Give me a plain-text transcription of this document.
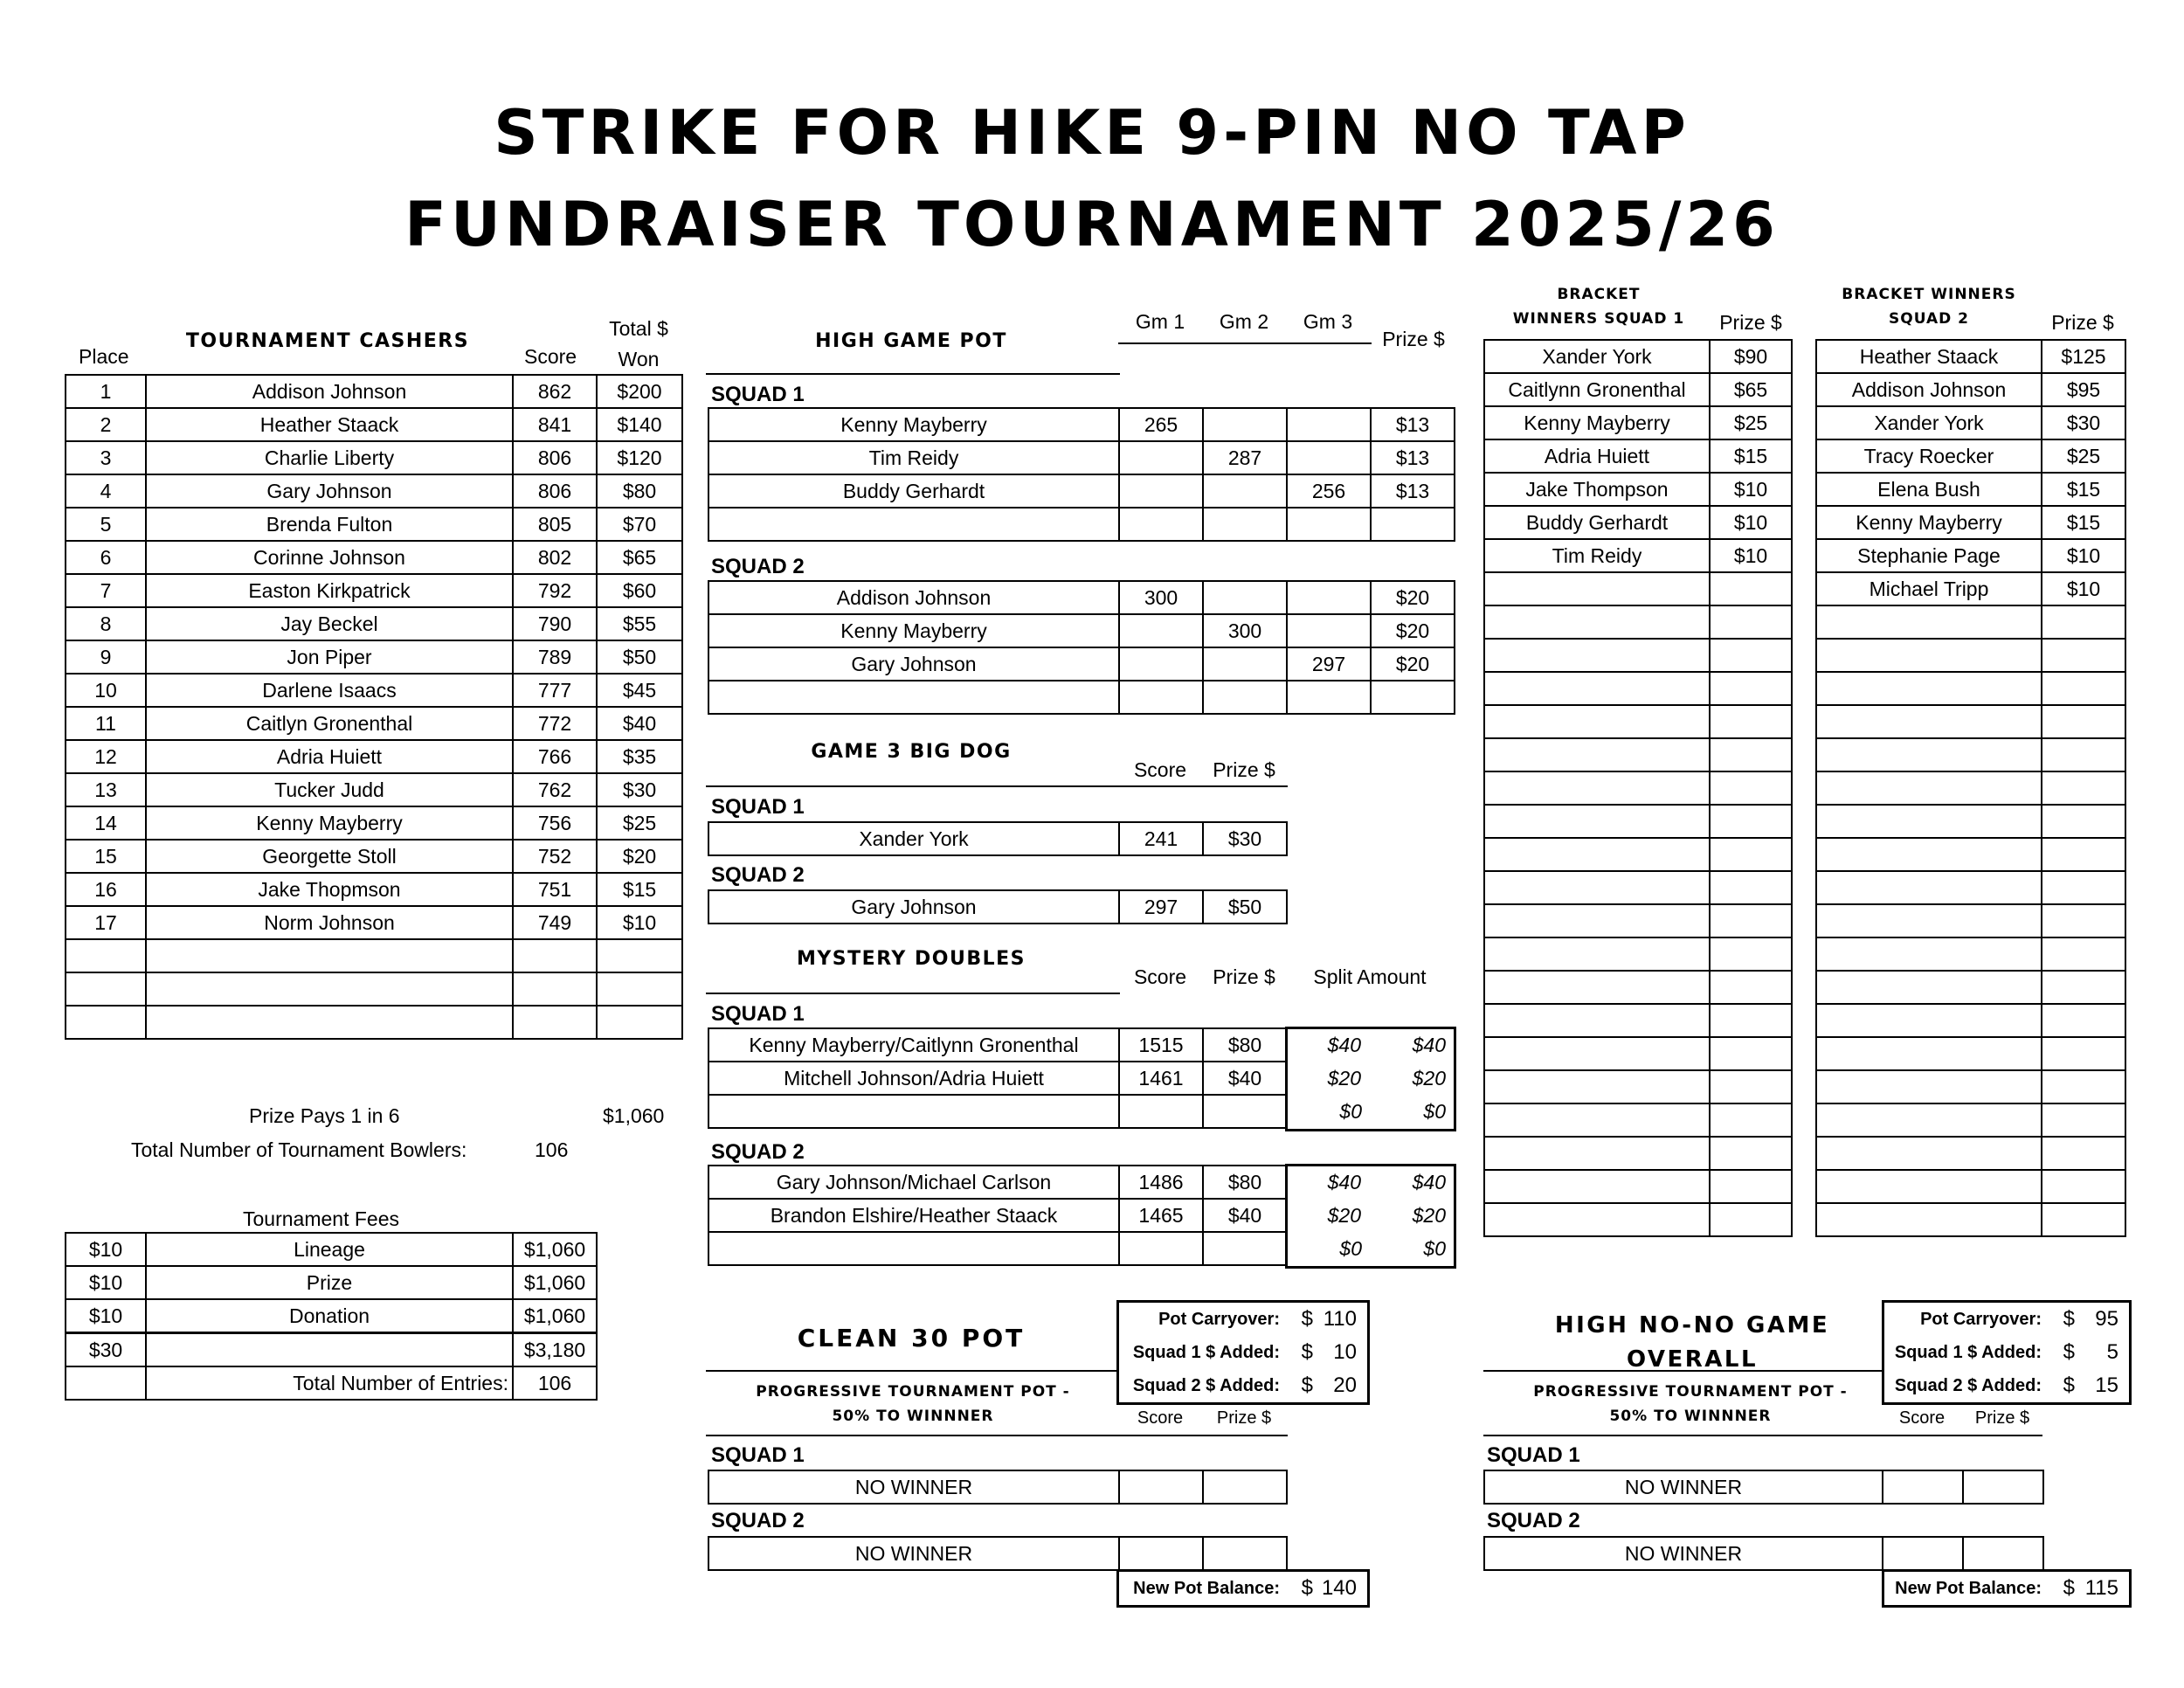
STRIKE FOR HIKE 9-PIN NO TAP
FUNDRAISER TOURNAMENT 2025/26
Place
TOURNAMENT CASHERS
Score
Total $
Won
1	Addison Johnson	862	$200
2	Heather Staack	841	$140
3	Charlie Liberty	806	$120
4	Gary Johnson	806	$80
5	Brenda Fulton	805	$70
6	Corinne Johnson	802	$65
7	Easton Kirkpatrick	792	$60
8	Jay Beckel	790	$55
9	Jon Piper	789	$50
10	Darlene Isaacs	777	$45
11	Caitlyn Gronenthal	772	$40
12	Adria Huiett	766	$35
13	Tucker Judd	762	$30
14	Kenny Mayberry	756	$25
15	Georgette Stoll	752	$20
16	Jake Thopmson	751	$15
17	Norm Johnson	749	$10

Prize Pays 1 in 6	$1,060
Total Number of Tournament Bowlers:	106
Tournament Fees
$10	Lineage	$1,060
$10	Prize	$1,060
$10	Donation	$1,060
$30		$3,180
	Total Number of Entries:	106
HIGH GAME POT
Gm 1	Gm 2	Gm 3
Prize $
SQUAD 1
Kenny Mayberry	265			$13
Tim Reidy		287		$13
Buddy Gerhardt			256	$13

SQUAD 2
Addison Johnson	300			$20
Kenny Mayberry		300		$20
Gary Johnson			297	$20

GAME 3 BIG DOG
Score	Prize $
SQUAD 1
Xander York	241	$30
SQUAD 2
Gary Johnson	297	$50
MYSTERY DOUBLES
Score	Prize $	Split Amount
SQUAD 1
Kenny Mayberry/Caitlynn Gronenthal	1515	$80	$40	$40
Mitchell Johnson/Adria Huiett	1461	$40	$20	$20
			$0	$0
SQUAD 2
Gary Johnson/Michael Carlson	1486	$80	$40	$40
Brandon Elshire/Heather Staack	1465	$40	$20	$20
			$0	$0
CLEAN 30 POT
PROGRESSIVE TOURNAMENT POT -
50% TO WINNNER
Pot Carryover: $ 110
Squad 1 $ Added: $ 10
Squad 2 $ Added: $ 20
Score	Prize $
SQUAD 1
NO WINNER		
SQUAD 2
NO WINNER		
New Pot Balance: $ 140
HIGH NO-NO GAME
OVERALL
PROGRESSIVE TOURNAMENT POT -
50% TO WINNNER
Pot Carryover: $ 95
Squad 1 $ Added: $ 5
Squad 2 $ Added: $ 15
Score	Prize $
SQUAD 1
NO WINNER		
SQUAD 2
NO WINNER		
New Pot Balance: $ 115
BRACKET
WINNERS SQUAD 1	Prize $
Xander York	$90
Caitlynn Gronenthal	$65
Kenny Mayberry	$25
Adria Huiett	$15
Jake Thompson	$10
Buddy Gerhardt	$10
Tim Reidy	$10

BRACKET WINNERS
SQUAD 2	Prize $
Heather Staack	$125
Addison Johnson	$95
Xander York	$30
Tracy Roecker	$25
Elena Bush	$15
Kenny Mayberry	$15
Stephanie Page	$10
Michael Tripp	$10
